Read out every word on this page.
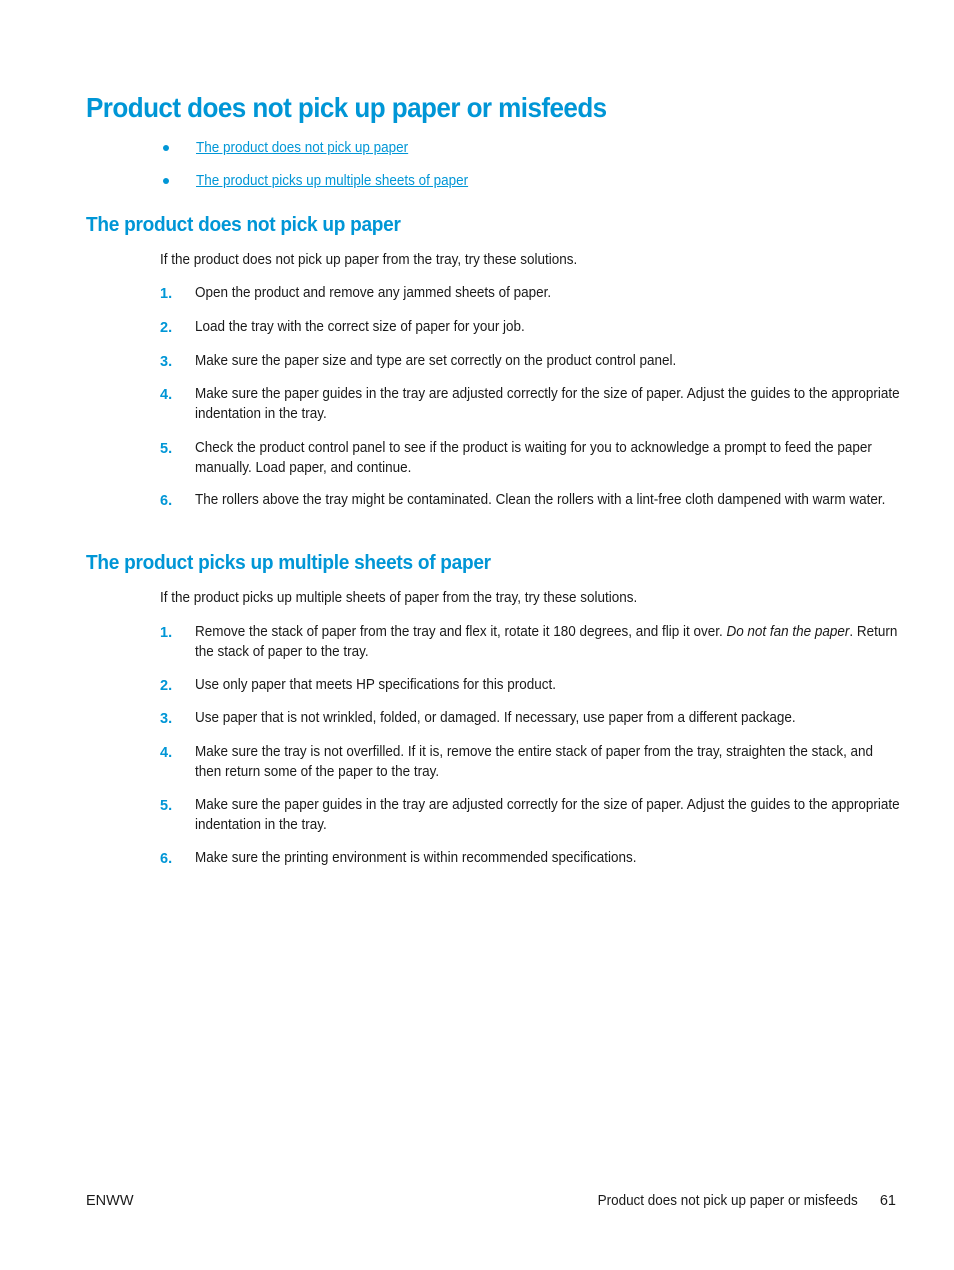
Product does not pick up paper or misfeeds
The product does not pick up paper
The product picks up multiple sheets of paper
The product does not pick up paper

If the product does not pick up paper from the tray, try these solutions.

1. Open the product and remove any jammed sheets of paper.
2. Load the tray with the correct size of paper for your job.
3. Make sure the paper size and type are set correctly on the product control panel.
4. Make sure the paper guides in the tray are adjusted correctly for the size of paper. Adjust the guides to the appropriate indentation in the tray.
5. Check the product control panel to see if the product is waiting for you to acknowledge a prompt to feed the paper manually. Load paper, and continue.
6. The rollers above the tray might be contaminated. Clean the rollers with a lint-free cloth dampened with warm water.
The product picks up multiple sheets of paper

If the product picks up multiple sheets of paper from the tray, try these solutions.

1. Remove the stack of paper from the tray and flex it, rotate it 180 degrees, and flip it over. Do not fan the paper. Return the stack of paper to the tray.
2. Use only paper that meets HP specifications for this product.
3. Use paper that is not wrinkled, folded, or damaged. If necessary, use paper from a different package.
4. Make sure the tray is not overfilled. If it is, remove the entire stack of paper from the tray, straighten the stack, and then return some of the paper to the tray.
5. Make sure the paper guides in the tray are adjusted correctly for the size of paper. Adjust the guides to the appropriate indentation in the tray.
6. Make sure the printing environment is within recommended specifications.
ENWW	Product does not pick up paper or misfeeds 61
